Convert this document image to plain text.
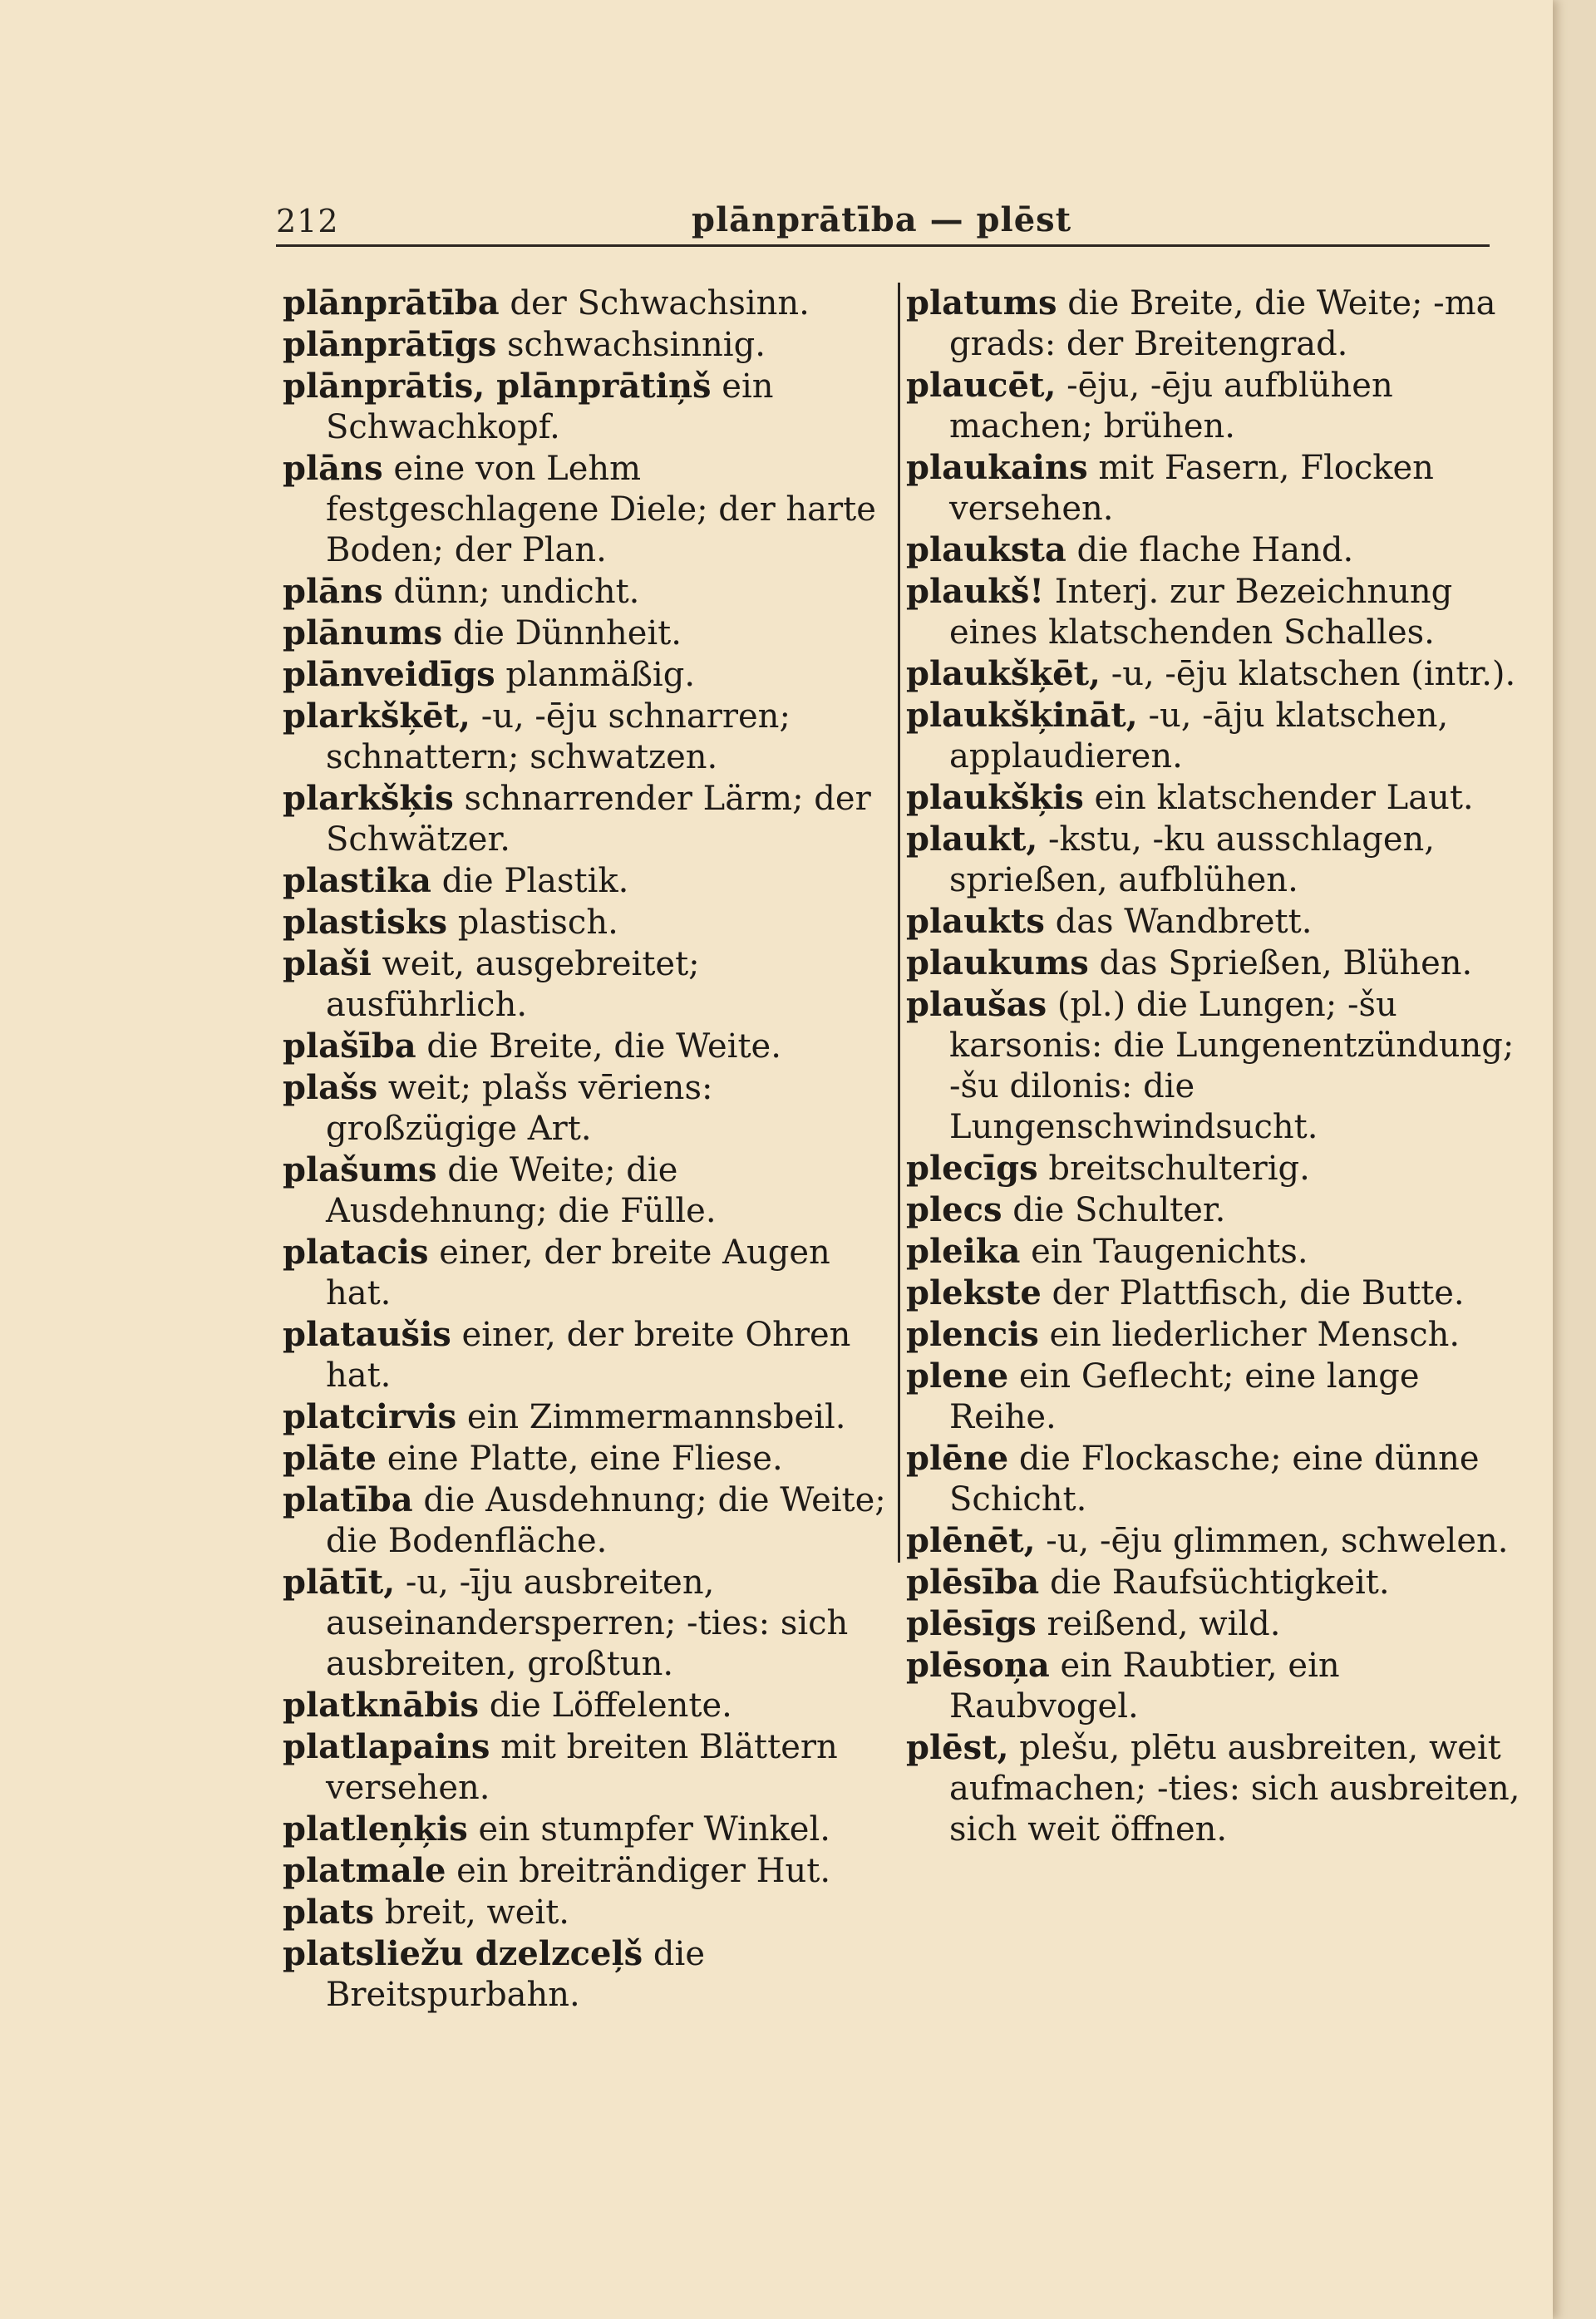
212	plānprātība — plēst

plānprātība der Schwachsinn.

plānprātīgs schwachsinnig.

plānprātis, plānprātiņš ein Schwachkopf.

plāns eine von Lehm festgeschlagene Diele; der harte Boden; der Plan.

plāns dünn; undicht.

plānums die Dünnheit.

plānveidīgs planmäßig.

plarkšķēt, -u, -ēju schnarren; schnattern; schwatzen.

plarkšķis schnarrender Lärm; der Schwätzer.

plastika die Plastik.

plastisks plastisch.

plaši weit, ausgebreitet; ausführlich.

plašība die Breite, die Weite.

plašs weit; plašs vēriens: großzügige Art.

plašums die Weite; die Ausdehnung; die Fülle.

platacis einer, der breite Augen hat.

plataušis einer, der breite Ohren hat.

platcirvis ein Zimmermannsbeil.

plāte eine Platte, eine Fliese.

platība die Ausdehnung; die Weite; die Bodenfläche.

plātīt, -u, -īju ausbreiten, auseinandersperren; -ties: sich ausbreiten, großtun.

platknābis die Löffelente.

platlapains mit breiten Blättern versehen.

platleņķis ein stumpfer Winkel.

platmale ein breiträndiger Hut.

plats breit, weit.

platsliežu dzelzceļš die Breitspurbahn.

platums die Breite, die Weite; -ma grads: der Breitengrad.

plaucēt, -ēju, -ēju aufblühen machen; brühen.

plaukains mit Fasern, Flocken versehen.

plauksta die flache Hand.

plaukš! Interj. zur Bezeichnung eines klatschenden Schalles.

plaukšķēt, -u, -ēju klatschen (intr.).

plaukšķināt, -u, -āju klatschen, applaudieren.

plaukšķis ein klatschender Laut.

plaukt, -kstu, -ku ausschlagen, sprießen, aufblühen.

plaukts das Wandbrett.

plaukums das Sprießen, Blühen.

plaušas (pl.) die Lungen; -šu karsonis: die Lungenentzündung; -šu dilonis: die Lungenschwindsucht.

plecīgs breitschulterig.

plecs die Schulter.

pleika ein Taugenichts.

plekste der Plattfisch, die Butte.

plencis ein liederlicher Mensch.

plene ein Geflecht; eine lange Reihe.

plēne die Flockasche; eine dünne Schicht.

plēnēt, -u, -ēju glimmen, schwelen.

plēsība die Raufsüchtigkeit.

plēsīgs reißend, wild.

plēsoņa ein Raubtier, ein Raubvogel.

plēst, plešu, plētu ausbreiten, weit aufmachen; -ties: sich ausbreiten, sich weit öffnen.
